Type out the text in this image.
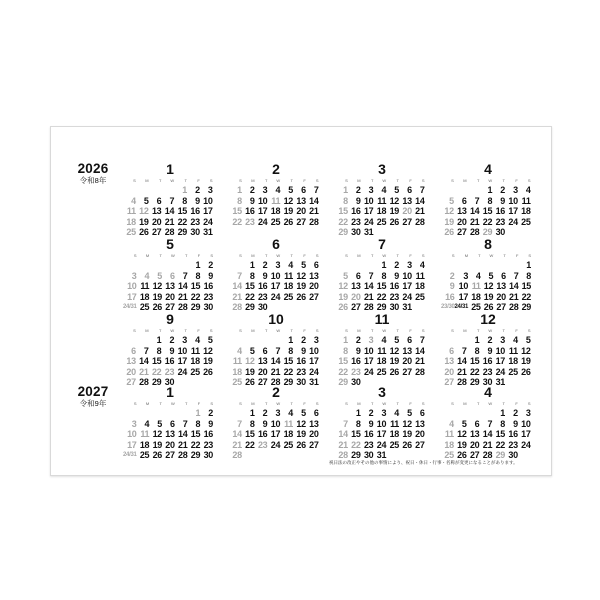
2026
令和8年
2027
令和9年
1
S	M	T	W	T	F	S
				1	2	3
4	5	6	7	8	9	10
11	12	13	14	15	16	17
18	19	20	21	22	23	24
25	26	27	28	29	30	31
2
S	M	T	W	T	F	S
1	2	3	4	5	6	7
8	9	10	11	12	13	14
15	16	17	18	19	20	21
22	23	24	25	26	27	28
3
S	M	T	W	T	F	S
1	2	3	4	5	6	7
8	9	10	11	12	13	14
15	16	17	18	19	20	21
22	23	24	25	26	27	28
29	30	31				
4
S	M	T	W	T	F	S
			1	2	3	4
5	6	7	8	9	10	11
12	13	14	15	16	17	18
19	20	21	22	23	24	25
26	27	28	29	30		
5
S	M	T	W	T	F	S
					1	2
3	4	5	6	7	8	9
10	11	12	13	14	15	16
17	18	19	20	21	22	23
24/31	25	26	27	28	29	30
6
S	M	T	W	T	F	S
	1	2	3	4	5	6
7	8	9	10	11	12	13
14	15	16	17	18	19	20
21	22	23	24	25	26	27
28	29	30				
7
S	M	T	W	T	F	S
			1	2	3	4
5	6	7	8	9	10	11
12	13	14	15	16	17	18
19	20	21	22	23	24	25
26	27	28	29	30	31	
8
S	M	T	W	T	F	S
						1
2	3	4	5	6	7	8
9	10	11	12	13	14	15
16	17	18	19	20	21	22
23/30	24/31	25	26	27	28	29
9
S	M	T	W	T	F	S
		1	2	3	4	5
6	7	8	9	10	11	12
13	14	15	16	17	18	19
20	21	22	23	24	25	26
27	28	29	30			
10
S	M	T	W	T	F	S
				1	2	3
4	5	6	7	8	9	10
11	12	13	14	15	16	17
18	19	20	21	22	23	24
25	26	27	28	29	30	31
11
S	M	T	W	T	F	S
1	2	3	4	5	6	7
8	9	10	11	12	13	14
15	16	17	18	19	20	21
22	23	24	25	26	27	28
29	30					
12
S	M	T	W	T	F	S
		1	2	3	4	5
6	7	8	9	10	11	12
13	14	15	16	17	18	19
20	21	22	23	24	25	26
27	28	29	30	31		
1
S	M	T	W	T	F	S
					1	2
3	4	5	6	7	8	9
10	11	12	13	14	15	16
17	18	19	20	21	22	23
24/31	25	26	27	28	29	30
2
S	M	T	W	T	F	S
	1	2	3	4	5	6
7	8	9	10	11	12	13
14	15	16	17	18	19	20
21	22	23	24	25	26	27
28						
3
S	M	T	W	T	F	S
	1	2	3	4	5	6
7	8	9	10	11	12	13
14	15	16	17	18	19	20
21	22	23	24	25	26	27
28	29	30	31			
4
S	M	T	W	T	F	S
				1	2	3
4	5	6	7	8	9	10
11	12	13	14	15	16	17
18	19	20	21	22	23	24
25	26	27	28	29	30	
祝日法の改正やその他の事情により、祝日・休日・行事・名称が変更になることがあります。
